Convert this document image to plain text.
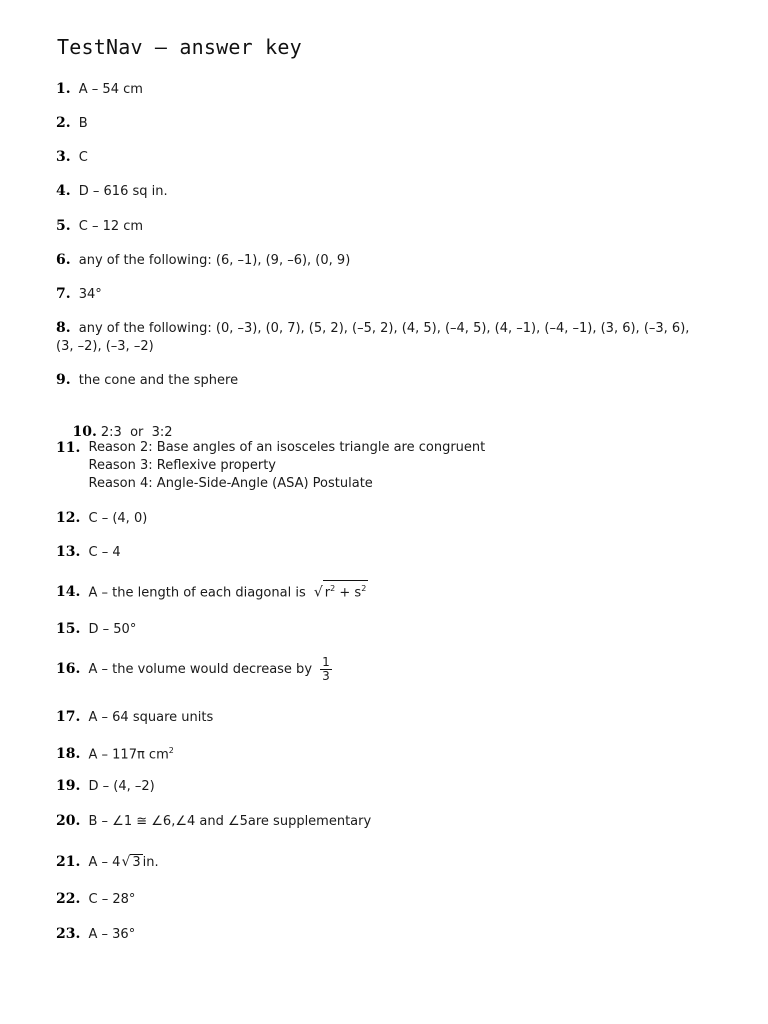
TestNav – answer key
1. A – 54 cm
2. B
3. C
4. D – 616 sq in.
5. C – 12 cm
6. any of the following: (6, –1), (9, –6), (0, 9)
7. 34°
8. any of the following: (0, –3), (0, 7), (5, 2), (–5, 2), (4, 5), (–4, 5), (4, –1), (–4, –1), (3, 6), (–3, 6),
(3, –2), (–3, –2)
9. the cone and the sphere

10. 2:3  or  3:2

11. Reason 2: Base angles of an isosceles triangle are congruent
Reason 3: Reflexive property
Reason 4: Angle-Side-Angle (ASA) Postulate
12. C – (4, 0)
13. C – 4
14. A – the length of each diagonal is √ $r^2 + s^2$
15. D – 50°
16. A – the volume would decrease by $\frac{1}{3}$
17. A – 64 square units
18. A – 117π $cm^2$
19. D – (4, –2)
20. B – ∠1 ≅ ∠6,∠4 and ∠5are supplementary
21. A – 4√ 3 in.
22. C – 28°
23. A – 36°
